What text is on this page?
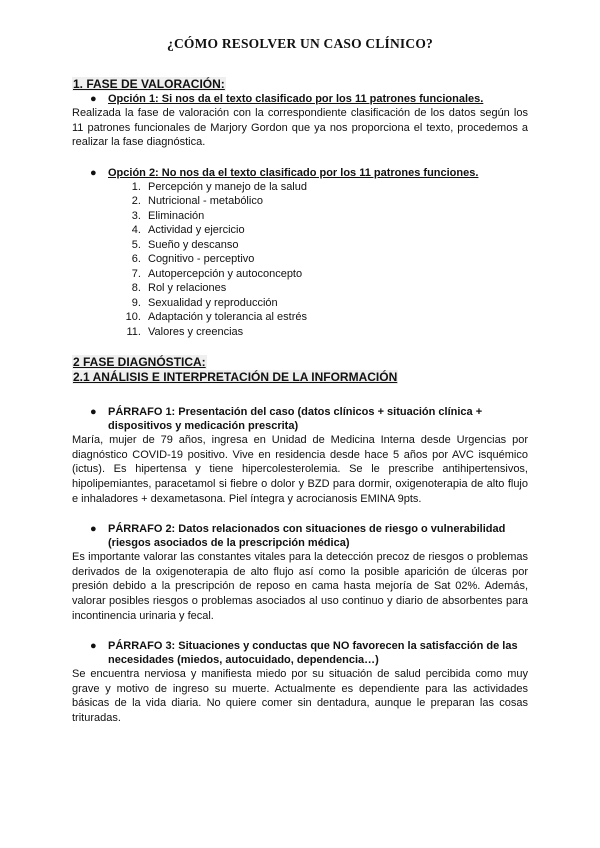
¿CÓMO RESOLVER UN CASO CLÍNICO?
1. FASE DE VALORACIÓN:
● Opción 1: Si nos da el texto clasificado por los 11 patrones funcionales.

Realizada la fase de valoración con la correspondiente clasificación de los datos según los 11 patrones funcionales de Marjory Gordon que ya nos proporciona el texto, procedemos a realizar la fase diagnóstica.

● Opción 2: No nos da el texto clasificado por los 11 patrones funciones.
1. Percepción y manejo de la salud
2. Nutricional - metabólico
3. Eliminación
4. Actividad y ejercicio
5. Sueño y descanso
6. Cognitivo - perceptivo
7. Autopercepción y autoconcepto
8. Rol y relaciones
9. Sexualidad y reproducción
10. Adaptación y tolerancia al estrés
11. Valores y creencias
2 FASE DIAGNÓSTICA:
2.1 ANÁLISIS E INTERPRETACIÓN DE LA INFORMACIÓN
● PÁRRAFO 1: Presentación del caso (datos clínicos + situación clínica + dispositivos y medicación prescrita)

María, mujer de 79 años, ingresa en Unidad de Medicina Interna desde Urgencias por diagnóstico COVID-19 positivo. Vive en residencia desde hace 5 años por AVC isquémico (ictus). Es hipertensa y tiene hipercolesterolemia. Se le prescribe antihipertensivos, hipolipemiantes, paracetamol si fiebre o dolor y BZD para dormir, oxigenoterapia de alto flujo e inhaladores + dexametasona. Piel íntegra y acrocianosis EMINA 9pts.

● PÁRRAFO 2: Datos relacionados con situaciones de riesgo o vulnerabilidad (riesgos asociados de la prescripción médica)

Es importante valorar las constantes vitales para la detección precoz de riesgos o problemas derivados de la oxigenoterapia de alto flujo así como la posible aparición de úlceras por presión debido a la prescripción de reposo en cama hasta mejoría de Sat 02%. Además, valorar posibles riesgos o problemas asociados al uso continuo y diario de absorbentes para incontinencia urinaria y fecal.

● PÁRRAFO 3: Situaciones y conductas que NO favorecen la satisfacción de las necesidades (miedos, autocuidado, dependencia…)

Se encuentra nerviosa y manifiesta miedo por su situación de salud percibida como muy grave y motivo de ingreso su muerte. Actualmente es dependiente para las actividades básicas de la vida diaria. No quiere comer sin dentadura, aunque le preparan las cosas trituradas.
